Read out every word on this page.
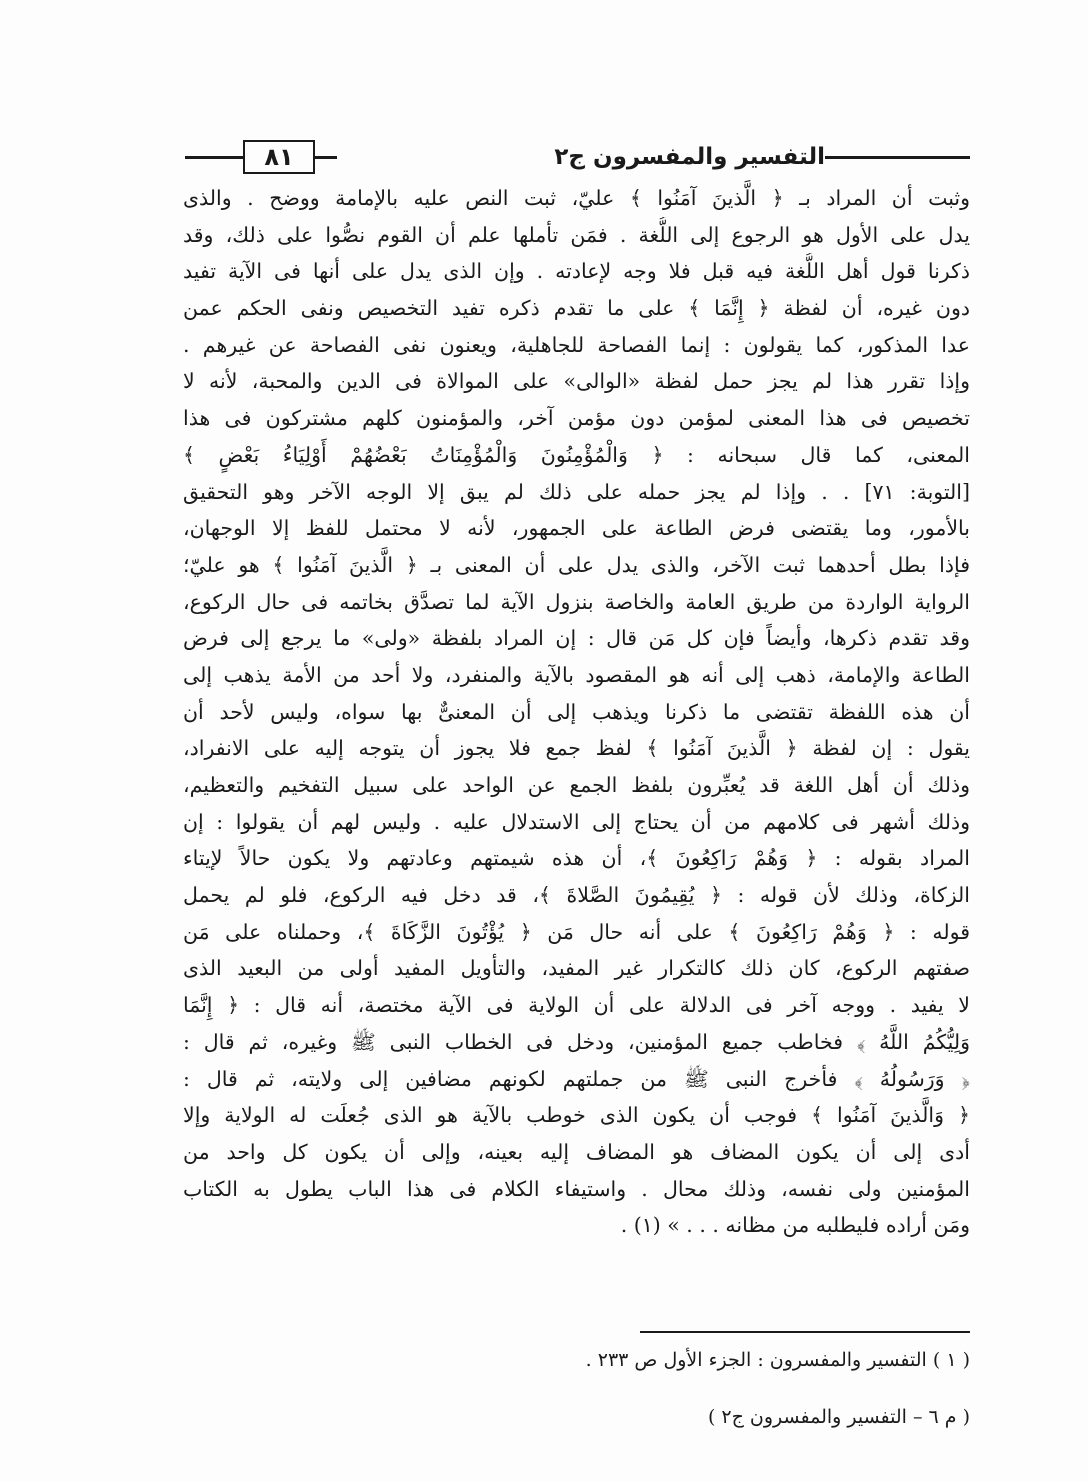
٨١	التفسير والمفسرون ج٢
وثبت أن المراد بـ ﴿ الَّذينَ آمَنُوا ﴾ عليّ، ثبت النص عليه بالإمامة ووضح . والذى
يدل على الأول هو الرجوع إلى اللُّغة . فمَن تأملها علم أن القوم نصُّوا على ذلك، وقد
ذكرنا قول أهل اللُّغة فيه قبل فلا وجه لإعادته . وإن الذى يدل على أنها فى الآية تفيد
دون غيره، أن لفظة ﴿ إِنَّمَا ﴾ على ما تقدم ذكره تفيد التخصيص ونفى الحكم عمن
عدا المذكور، كما يقولون : إنما الفصاحة للجاهلية، ويعنون نفى الفصاحة عن غيرهم .
وإذا تقرر هذا لم يجز حمل لفظة «الوالى» على الموالاة فى الدين والمحبة، لأنه لا
تخصيص فى هذا المعنى لمؤمن دون مؤمن آخر، والمؤمنون كلهم مشتركون فى هذا
المعنى، كما قال سبحانه : ﴿ وَالْمُؤْمِنُونَ وَالْمُؤْمِنَاتُ بَعْضُهُمْ أَوْلِيَاءُ بَعْضٍ ﴾
[التوبة: ٧١] . . وإذا لم يجز حمله على ذلك لم يبق إلا الوجه الآخر وهو التحقيق
بالأمور، وما يقتضى فرض الطاعة على الجمهور، لأنه لا محتمل للفظ إلا الوجهان،
فإذا بطل أحدهما ثبت الآخر، والذى يدل على أن المعنى بـ ﴿ الَّذينَ آمَنُوا ﴾ هو عليّ؛
الرواية الواردة من طريق العامة والخاصة بنزول الآية لما تصدَّق بخاتمه فى حال الركوع،
وقد تقدم ذكرها، وأيضاً فإن كل مَن قال : إن المراد بلفظة «ولى» ما يرجع إلى فرض
الطاعة والإمامة، ذهب إلى أنه هو المقصود بالآية والمنفرد، ولا أحد من الأمة يذهب إلى
أن هذه اللفظة تقتضى ما ذكرنا ويذهب إلى أن المعنىٌّ بها سواه، وليس لأحد أن
يقول : إن لفظة ﴿ الَّذينَ آمَنُوا ﴾ لفظ جمع فلا يجوز أن يتوجه إليه على الانفراد،
وذلك أن أهل اللغة قد يُعبِّرون بلفظ الجمع عن الواحد على سبيل التفخيم والتعظيم،
وذلك أشهر فى كلامهم من أن يحتاج إلى الاستدلال عليه . وليس لهم أن يقولوا : إن
المراد بقوله : ﴿ وَهُمْ رَاكِعُونَ ﴾، أن هذه شيمتهم وعادتهم ولا يكون حالاً لإيتاء
الزكاة، وذلك لأن قوله : ﴿ يُقِيمُونَ الصَّلاةَ ﴾، قد دخل فيه الركوع، فلو لم يحمل
قوله : ﴿ وَهُمْ رَاكِعُونَ ﴾ على أنه حال مَن ﴿ يُؤْتُونَ الزَّكَاةَ ﴾، وحملناه على مَن
صفتهم الركوع، كان ذلك كالتكرار غير المفيد، والتأويل المفيد أولى من البعيد الذى
لا يفيد . ووجه آخر فى الدلالة على أن الولاية فى الآية مختصة، أنه قال : ﴿ إِنَّمَا
وَلِيُّكُمُ اللَّهُ ﴾ فخاطب جميع المؤمنين، ودخل فى الخطاب النبى ﷺ وغيره، ثم قال :
﴿ وَرَسُولُهُ ﴾ فأخرج النبى ﷺ من جملتهم لكونهم مضافين إلى ولايته، ثم قال :
﴿ وَالَّذينَ آمَنُوا ﴾ فوجب أن يكون الذى خوطب بالآية هو الذى جُعلَت له الولاية وإلا
أدى إلى أن يكون المضاف هو المضاف إليه بعينه، وإلى أن يكون كل واحد من
المؤمنين ولى نفسه، وذلك محال . واستيفاء الكلام فى هذا الباب يطول به الكتاب
ومَن أراده فليطلبه من مظانه . . . » (١) .
( ١ ) التفسير والمفسرون : الجزء الأول ص ٢٣٣ .
( م ٦ – التفسير والمفسرون ج٢ )
